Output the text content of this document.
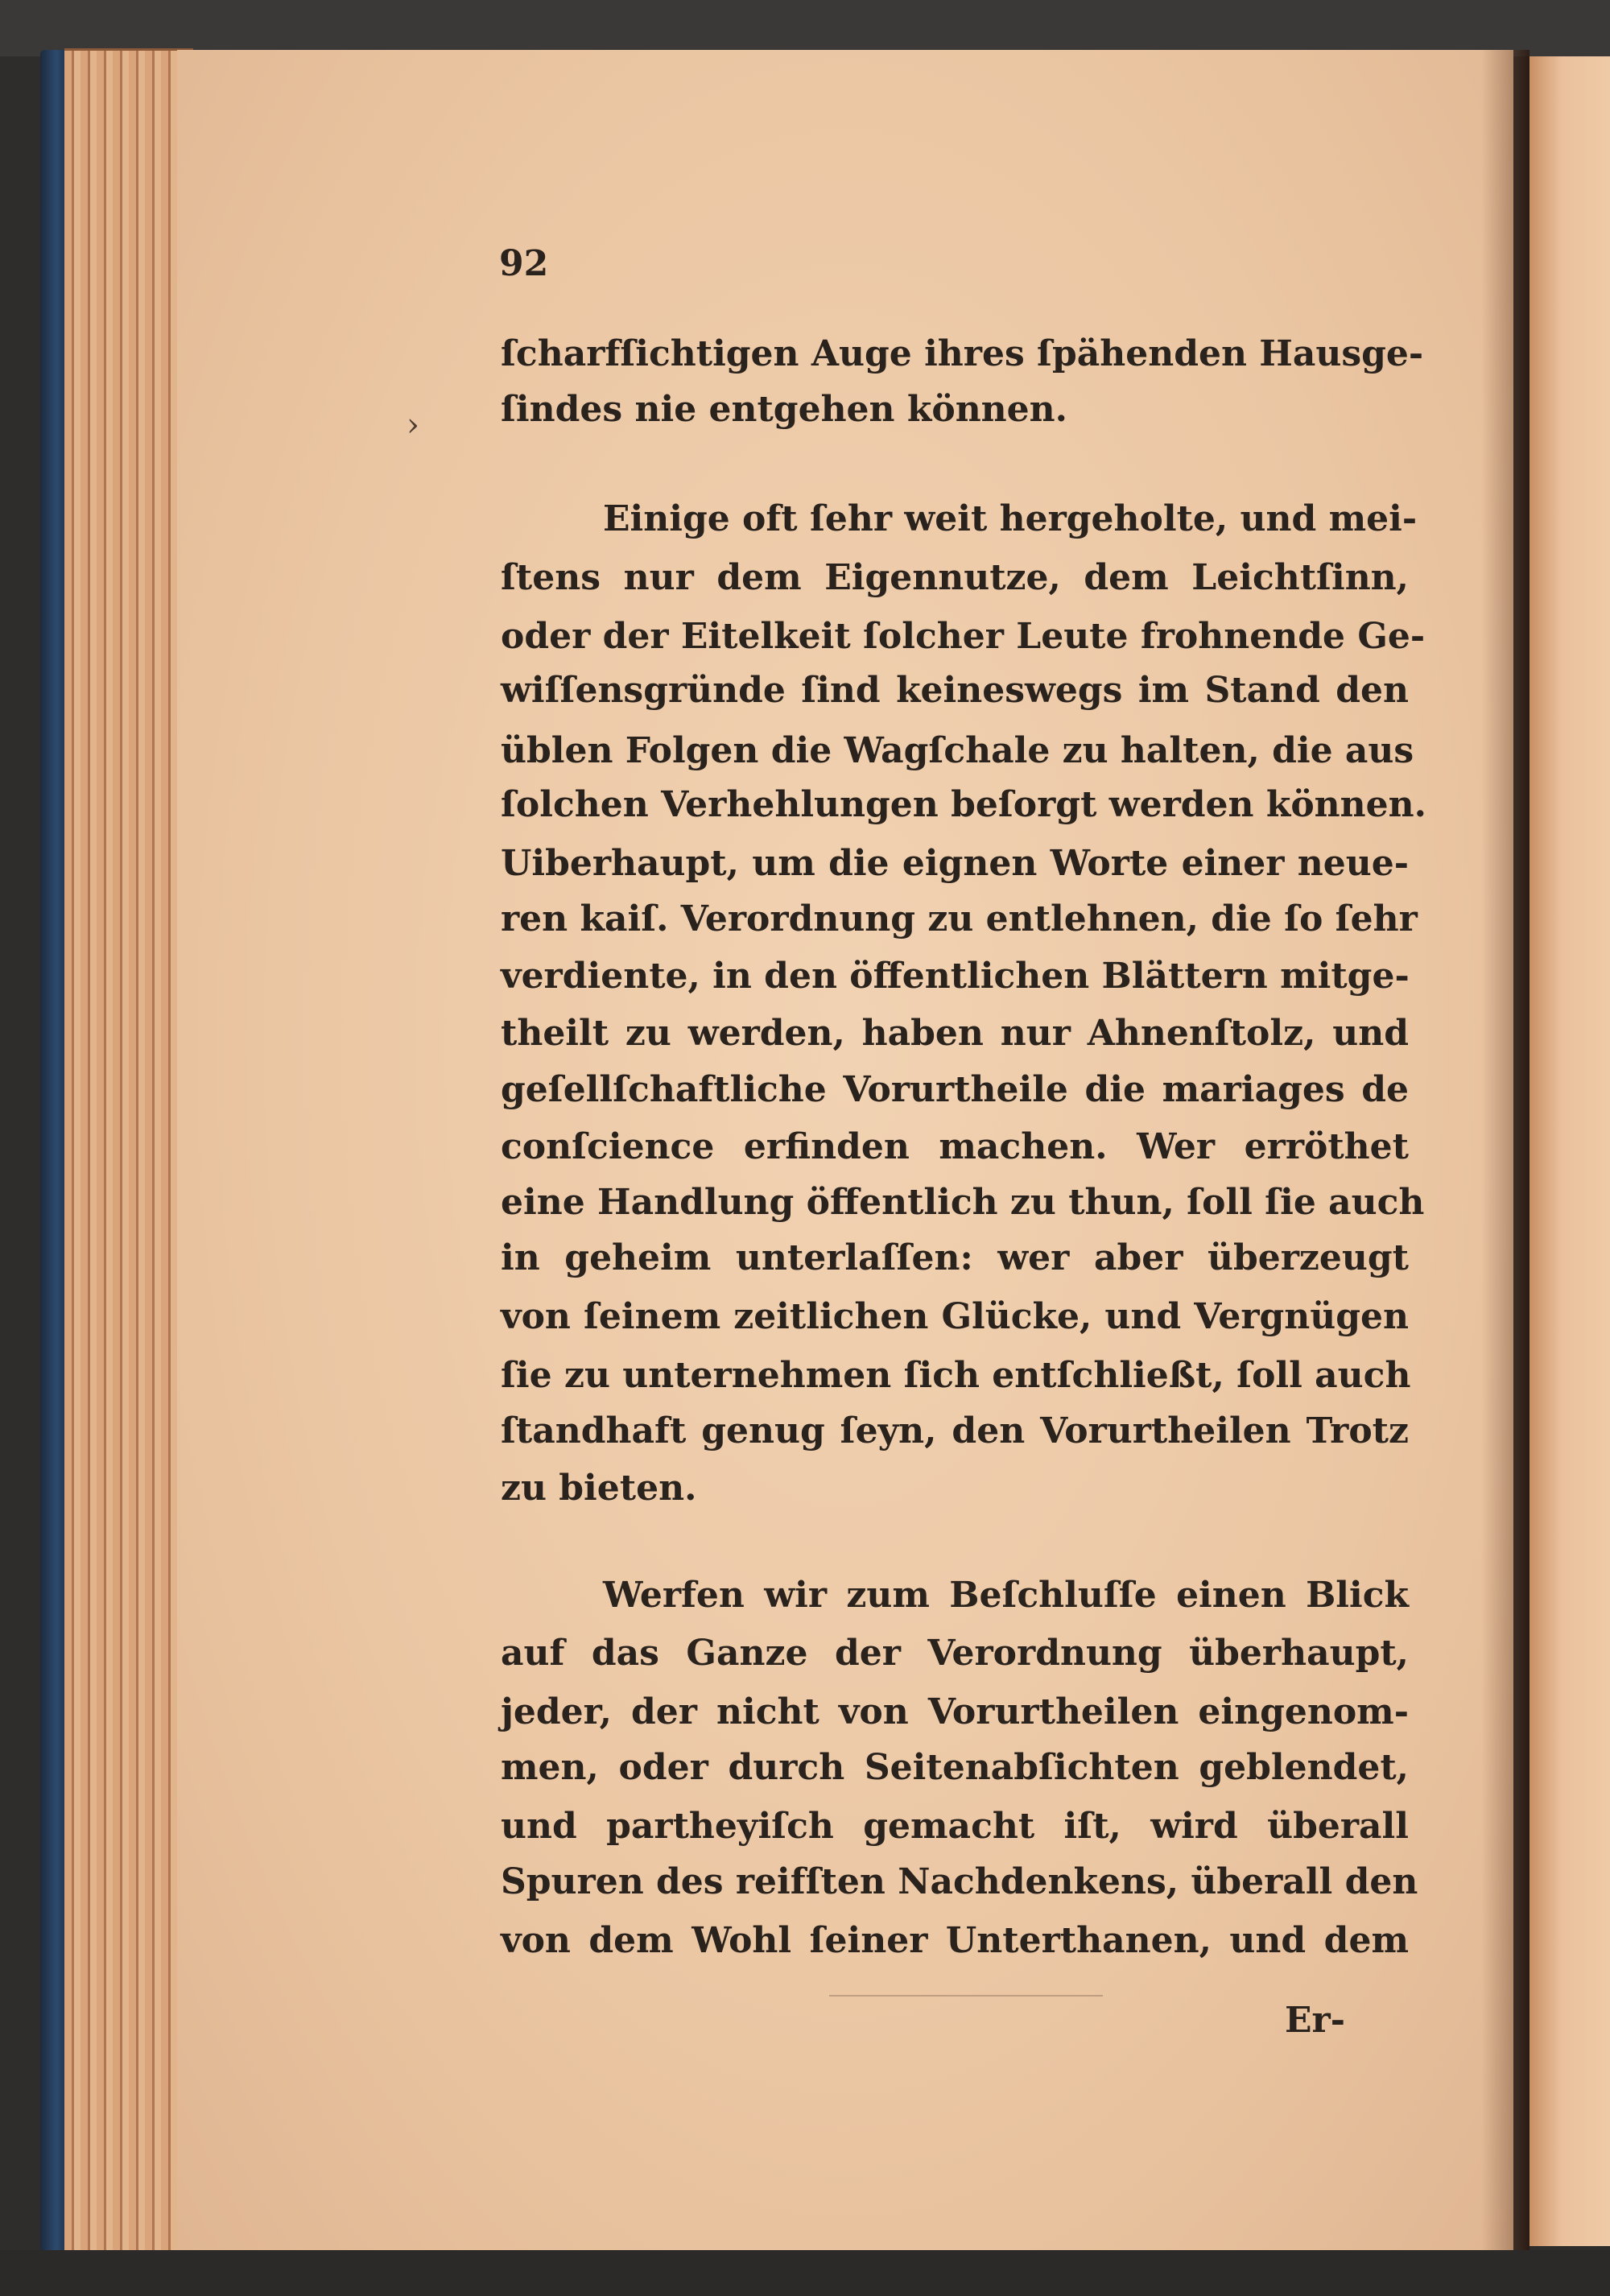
›
92
ſcharfſichtigen Auge ihres ſpähenden Hausge-
ſindes nie entgehen können.
Einige oft ſehr weit hergeholte, und mei-
ſtens nur dem Eigennutze, dem Leichtſinn,
oder der Eitelkeit ſolcher Leute frohnende Ge-
wiſſensgründe ſind keineswegs im Stand den
üblen Folgen die Wagſchale zu halten, die aus
ſolchen Verhehlungen beſorgt werden können.
Uiberhaupt, um die eignen Worte einer neue-
ren kaiſ. Verordnung zu entlehnen, die ſo ſehr
verdiente, in den öffentlichen Blättern mitge-
theilt zu werden, haben nur Ahnenſtolz, und
geſellſchaftliche Vorurtheile die mariages de
conſcience erfinden machen. Wer erröthet
eine Handlung öffentlich zu thun, ſoll ſie auch
in geheim unterlaſſen: wer aber überzeugt
von ſeinem zeitlichen Glücke, und Vergnügen
ſie zu unternehmen ſich entſchließt, ſoll auch
ſtandhaft genug ſeyn, den Vorurtheilen Trotz
zu bieten.
Werfen wir zum Beſchluſſe einen Blick
auf das Ganze der Verordnung überhaupt,
jeder, der nicht von Vorurtheilen eingenom-
men, oder durch Seitenabſichten geblendet,
und partheyiſch gemacht iſt, wird überall
Spuren des reifſten Nachdenkens, überall den
von dem Wohl ſeiner Unterthanen, und dem
Er-
